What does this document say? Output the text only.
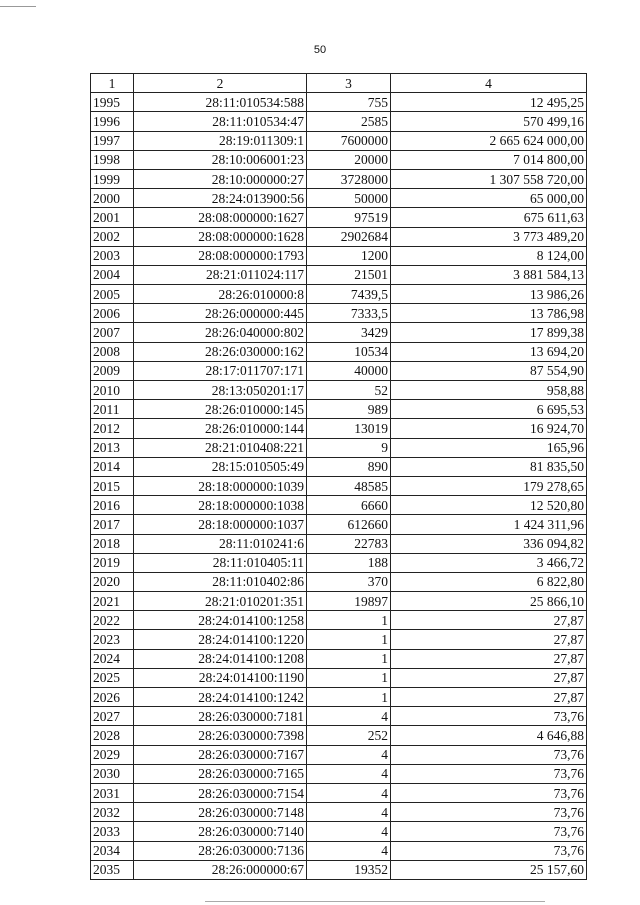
50
1	2	3	4
1995	28:11:010534:588	755	12 495,25
1996	28:11:010534:47	2585	570 499,16
1997	28:19:011309:1	7600000	2 665 624 000,00
1998	28:10:006001:23	20000	7 014 800,00
1999	28:10:000000:27	3728000	1 307 558 720,00
2000	28:24:013900:56	50000	65 000,00
2001	28:08:000000:1627	97519	675 611,63
2002	28:08:000000:1628	2902684	3 773 489,20
2003	28:08:000000:1793	1200	8 124,00
2004	28:21:011024:117	21501	3 881 584,13
2005	28:26:010000:8	7439,5	13 986,26
2006	28:26:000000:445	7333,5	13 786,98
2007	28:26:040000:802	3429	17 899,38
2008	28:26:030000:162	10534	13 694,20
2009	28:17:011707:171	40000	87 554,90
2010	28:13:050201:17	52	958,88
2011	28:26:010000:145	989	6 695,53
2012	28:26:010000:144	13019	16 924,70
2013	28:21:010408:221	9	165,96
2014	28:15:010505:49	890	81 835,50
2015	28:18:000000:1039	48585	179 278,65
2016	28:18:000000:1038	6660	12 520,80
2017	28:18:000000:1037	612660	1 424 311,96
2018	28:11:010241:6	22783	336 094,82
2019	28:11:010405:11	188	3 466,72
2020	28:11:010402:86	370	6 822,80
2021	28:21:010201:351	19897	25 866,10
2022	28:24:014100:1258	1	27,87
2023	28:24:014100:1220	1	27,87
2024	28:24:014100:1208	1	27,87
2025	28:24:014100:1190	1	27,87
2026	28:24:014100:1242	1	27,87
2027	28:26:030000:7181	4	73,76
2028	28:26:030000:7398	252	4 646,88
2029	28:26:030000:7167	4	73,76
2030	28:26:030000:7165	4	73,76
2031	28:26:030000:7154	4	73,76
2032	28:26:030000:7148	4	73,76
2033	28:26:030000:7140	4	73,76
2034	28:26:030000:7136	4	73,76
2035	28:26:000000:67	19352	25 157,60
